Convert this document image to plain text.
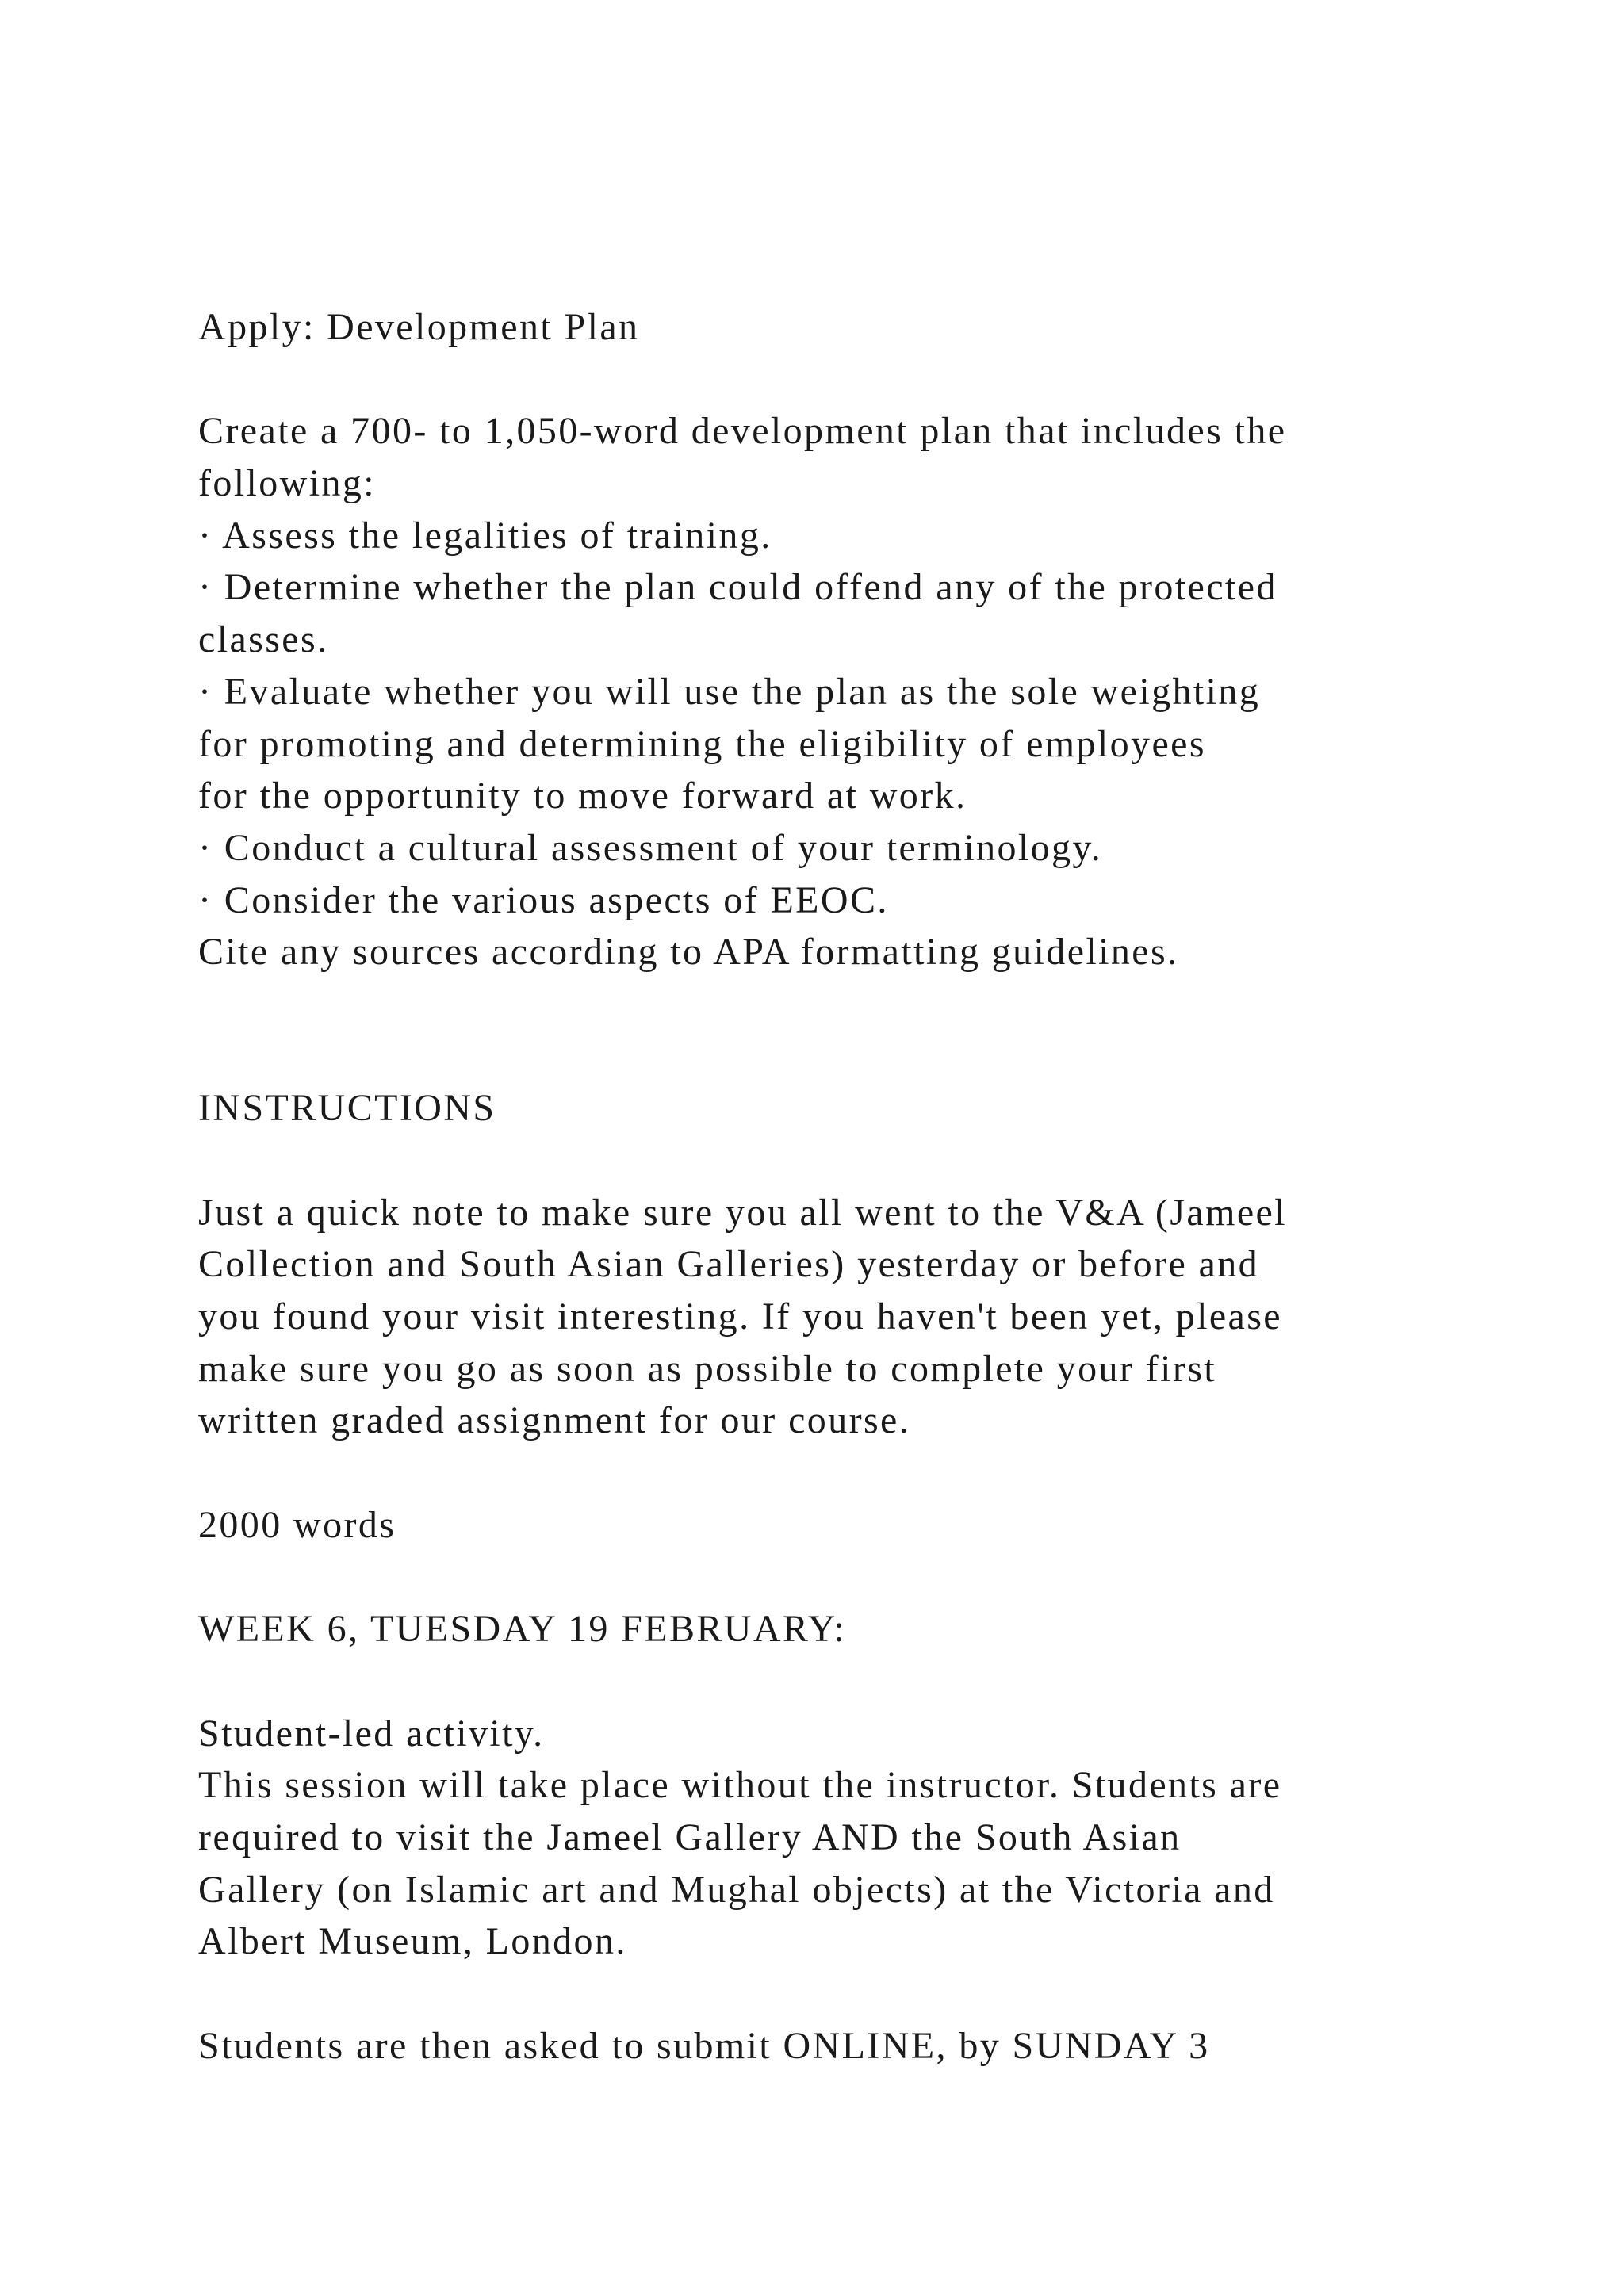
Apply: Development Plan
Create a 700- to 1,050-word development plan that includes the
following:
· Assess the legalities of training.
· Determine whether the plan could offend any of the protected
classes.
· Evaluate whether you will use the plan as the sole weighting
for promoting and determining the eligibility of employees
for the opportunity to move forward at work.
· Conduct a cultural assessment of your terminology.
· Consider the various aspects of EEOC.
Cite any sources according to APA formatting guidelines.
INSTRUCTIONS
Just a quick note to make sure you all went to the V&A (Jameel
Collection and South Asian Galleries) yesterday or before and
you found your visit interesting. If you haven't been yet, please
make sure you go as soon as possible to complete your first
written graded assignment for our course.
2000 words
WEEK 6, TUESDAY 19 FEBRUARY:
Student-led activity.
This session will take place without the instructor. Students are
required to visit the Jameel Gallery AND the South Asian
Gallery (on Islamic art and Mughal objects) at the Victoria and
Albert Museum, London.
Students are then asked to submit ONLINE, by SUNDAY 3
